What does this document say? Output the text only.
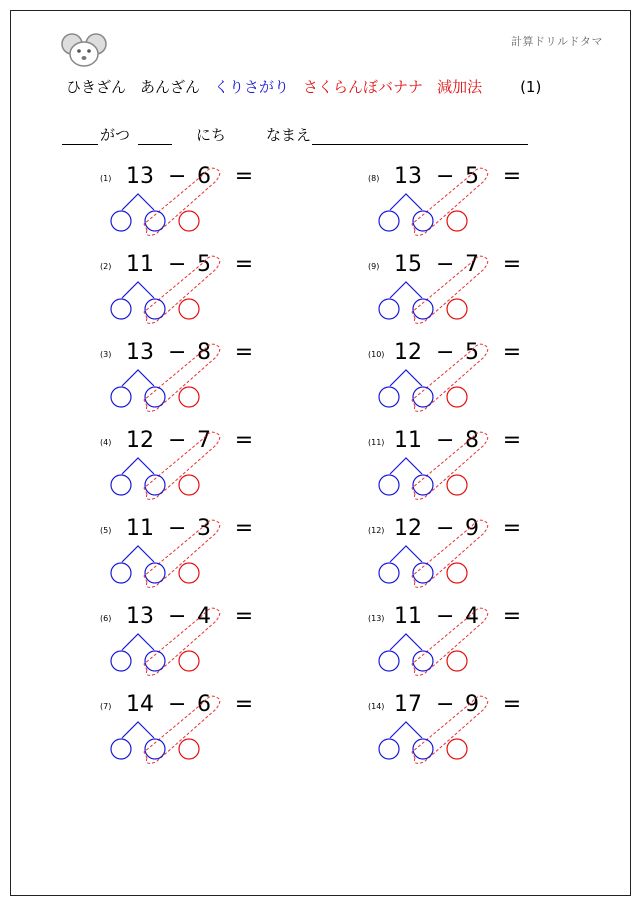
計算ドリルドタマ
ひきざん あんざん くりさがり さくらんぼバナナ 減加法	(1)
がつ	にち	なまえ
(1) 13 − 6 =
(2) 11 − 5 =
(3) 13 − 8 =
(4) 12 − 7 =
(5) 11 − 3 =
(6) 13 − 4 =
(7) 14 − 6 =
(8) 13 − 5 =
(9) 15 − 7 =
(10) 12 − 5 =
(11) 11 − 8 =
(12) 12 − 9 =
(13) 11 − 4 =
(14) 17 − 9 =
